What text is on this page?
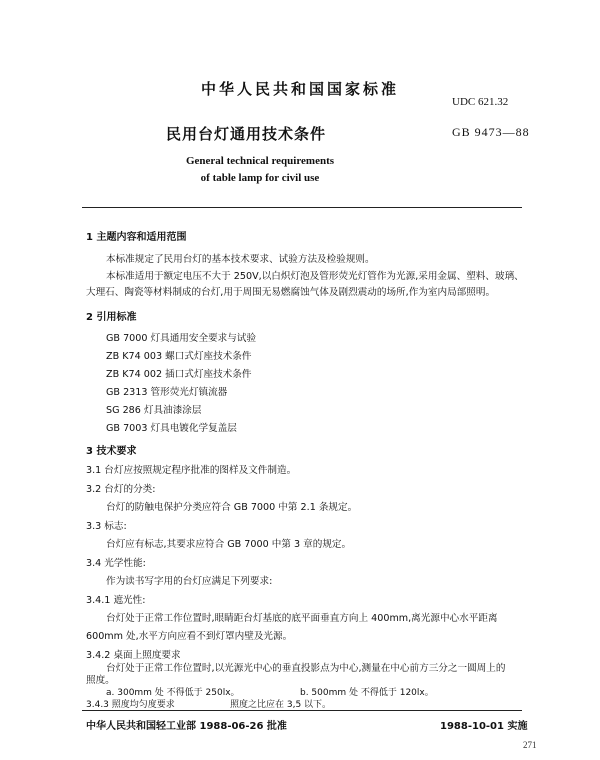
中华人民共和国国家标准
UDC 621.32
民用台灯通用技术条件	GB 9473—88
General technical requirements
of table lamp for civil use
1 主题内容和适用范围
本标准规定了民用台灯的基本技术要求、试验方法及检验规则。
本标准适用于额定电压不大于 250V,以白炽灯泡及管形荧光灯管作为光源,采用金属、塑料、玻璃、
大理石、陶瓷等材料制成的台灯,用于周围无易燃腐蚀气体及剧烈震动的场所,作为室内局部照明。
2 引用标准
GB 7000 灯具通用安全要求与试验
ZB K74 003 螺口式灯座技术条件
ZB K74 002 插口式灯座技术条件
GB 2313 管形荧光灯镇流器
SG 286 灯具油漆涂层
GB 7003 灯具电镀化学复盖层
3 技术要求
3.1 台灯应按照规定程序批准的图样及文件制造。
3.2 台灯的分类:
台灯的防触电保护分类应符合 GB 7000 中第 2.1 条规定。
3.3 标志:
台灯应有标志,其要求应符合 GB 7000 中第 3 章的规定。
3.4 光学性能:
作为读书写字用的台灯应满足下列要求:
3.4.1 遮光性:
台灯处于正常工作位置时,眼睛距台灯基底的底平面垂直方向上 400mm,离光源中心水平距离
600mm 处,水平方向应看不到灯罩内壁及光源。
3.4.2 桌面上照度要求
台灯处于正常工作位置时,以光源光中心的垂直投影点为中心,测量在中心前方三分之一圆周上的
照度。
a. 300mm 处 不得低于 250lx。
中华人民共和国轻工业部 1988-06-26 批准	1988-10-01 实施
271
b. 500mm 处 不得低于 120lx。
3.4.3 照度均匀度要求	照度之比应在 3,5 以下。
